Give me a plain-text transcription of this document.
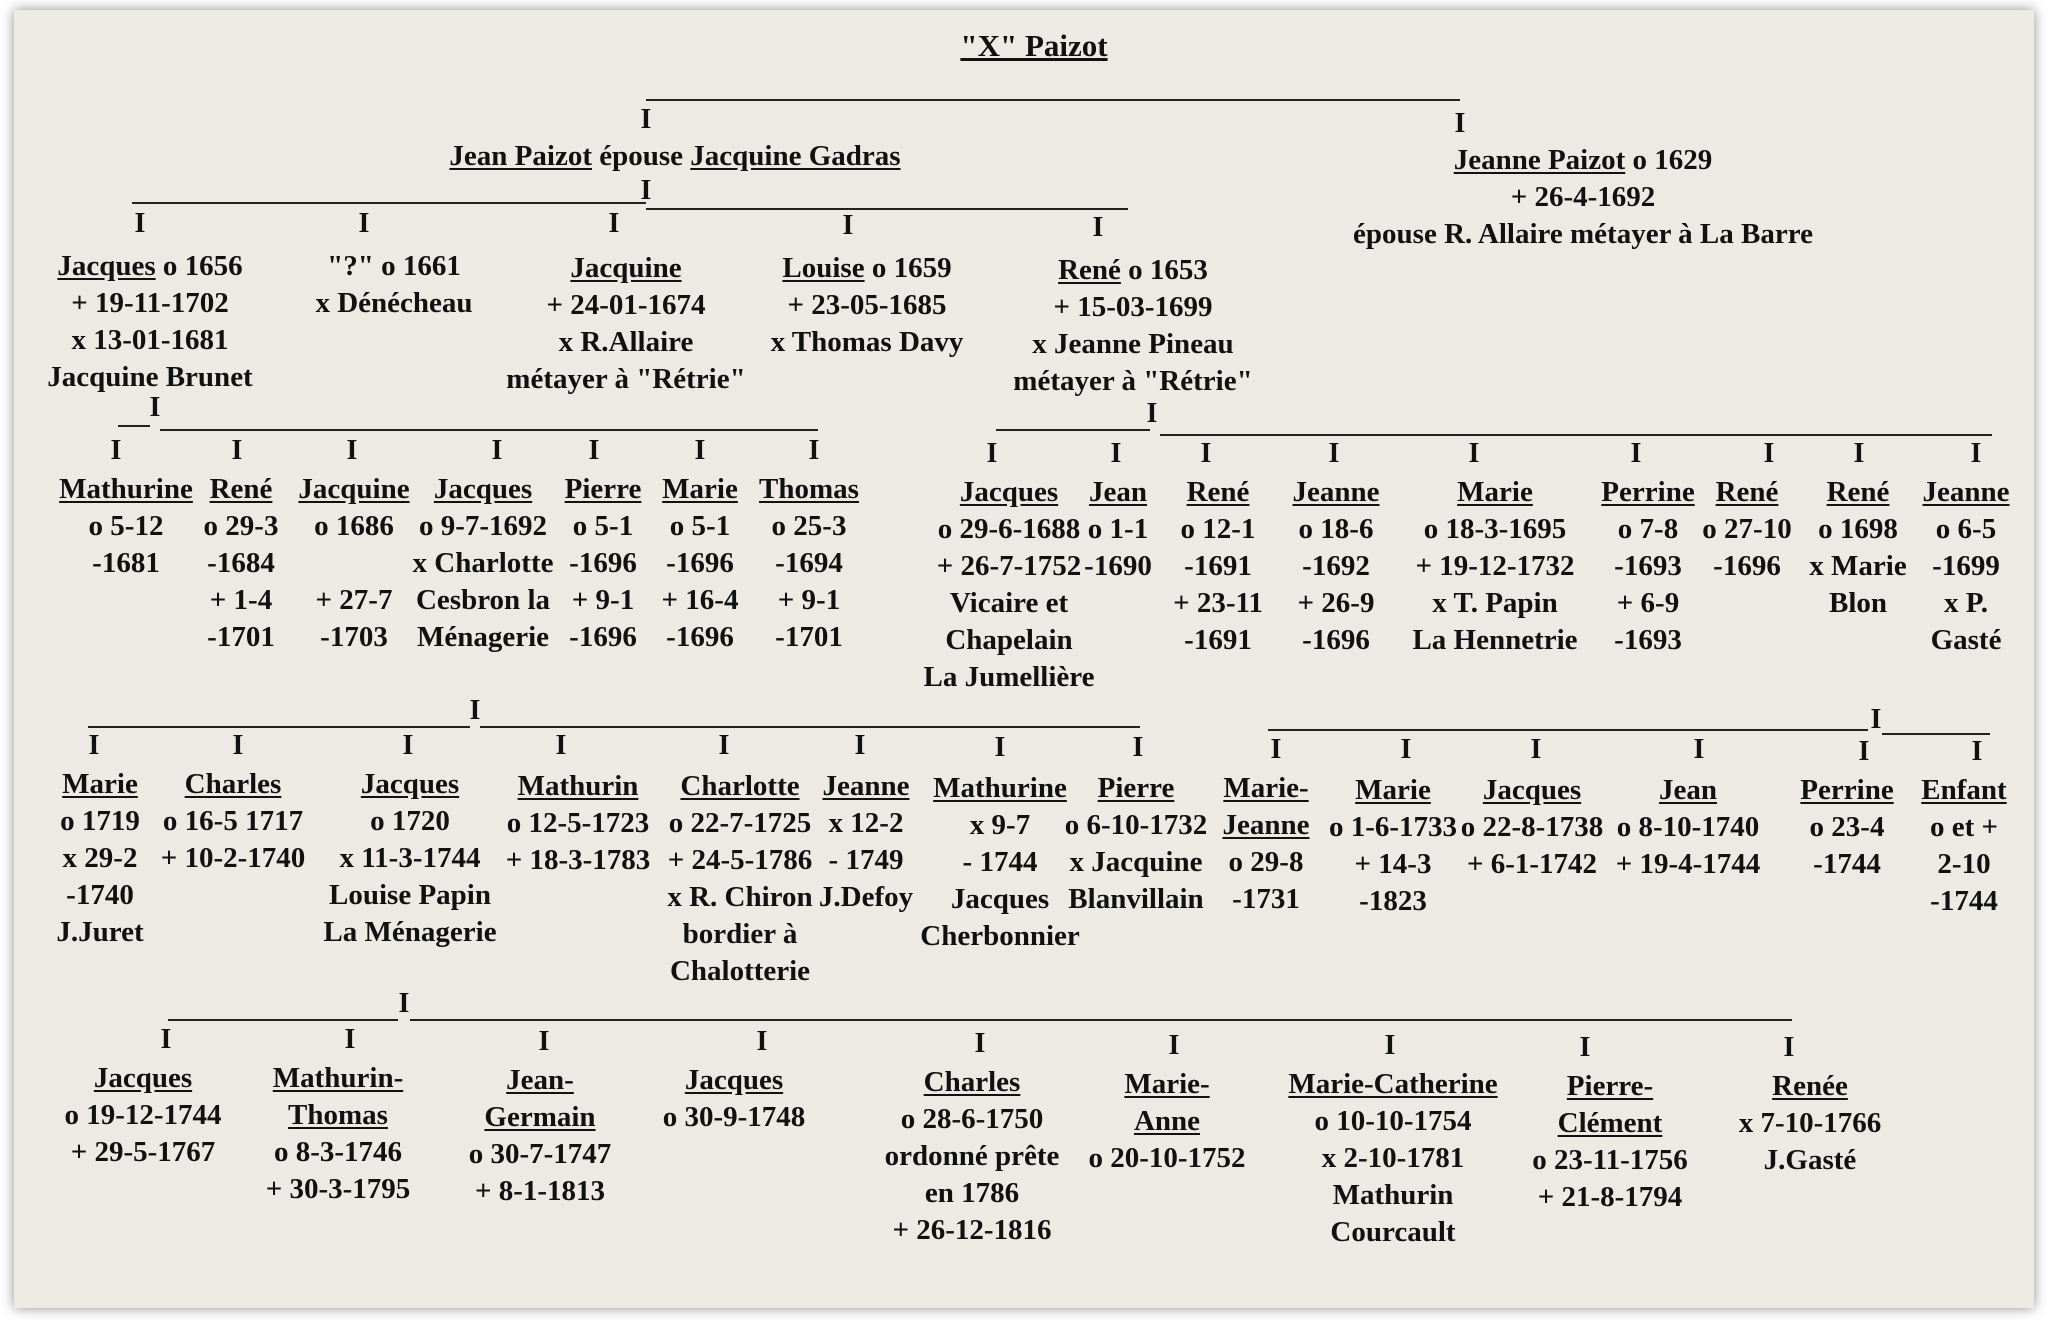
"X" Paizot
Jean Paizot épouse Jacquine Gadras	Jeanne Paizot o 1629
+ 26-4-1692
épouse R. Allaire métayer à La Barre
Jacques o 1656
+ 19-11-1702
x 13-01-1681
Jacquine Brunet
"?" o 1661
x Dénécheau
Jacquine
+ 24-01-1674
x R.Allaire
métayer à "Rétrie"
Louise o 1659
+ 23-05-1685
x Thomas Davy
René o 1653
+ 15-03-1699
x Jeanne Pineau
métayer à "Rétrie"
Mathurine
o 5-12
-1681
René
o 29-3
-1684
+ 1-4
-1701
Jacquine
o 1686

+ 27-7
-1703
Jacques
o 9-7-1692
x Charlotte
Cesbron la
Ménagerie
Pierre
o 5-1
-1696
+ 9-1
-1696
Marie
o 5-1
-1696
+ 16-4
-1696
Thomas
o 25-3
-1694
+ 9-1
-1701
Jacques
o 29-6-1688
+ 26-7-1752
Vicaire et
Chapelain
La Jumellière
Jean
o 1-1
-1690
René
o 12-1
-1691
+ 23-11
-1691
Jeanne
o 18-6
-1692
+ 26-9
-1696
Marie
o 18-3-1695
+ 19-12-1732
x T. Papin
La Hennetrie
Perrine
o 7-8
-1693
+ 6-9
-1693
René
o 27-10
-1696
René
o 1698
x Marie
Blon
Jeanne
o 6-5
-1699
x P.
Gasté
Marie
o 1719
x 29-2
-1740
J.Juret
Charles
o 16-5 1717
+ 10-2-1740
Jacques
o 1720
x 11-3-1744
Louise Papin
La Ménagerie
Mathurin
o 12-5-1723
+ 18-3-1783
Charlotte
o 22-7-1725
+ 24-5-1786
x R. Chiron
bordier à
Chalotterie
Jeanne
x 12-2
- 1749
J.Defoy
Mathurine
x 9-7
- 1744
Jacques
Cherbonnier
Pierre
o 6-10-1732
x Jacquine
Blanvillain
Marie-
Jeanne
o 29-8
-1731
Marie
o 1-6-1733
+ 14-3
-1823
Jacques
o 22-8-1738
+ 6-1-1742
Jean
o 8-10-1740
+ 19-4-1744
Perrine
o 23-4
-1744
Enfant
o et +
2-10
-1744
Jacques
o 19-12-1744
+ 29-5-1767
Mathurin-
Thomas
o 8-3-1746
+ 30-3-1795
Jean-
Germain
o 30-7-1747
+ 8-1-1813
Jacques
o 30-9-1748
Charles
o 28-6-1750
ordonné prête
en 1786
+ 26-12-1816
Marie-
Anne
o 20-10-1752
Marie-Catherine
o 10-10-1754
x 2-10-1781
Mathurin
Courcault
Pierre-
Clément
o 23-11-1756
+ 21-8-1794
Renée
x 7-10-1766
J.Gasté
I	I
I
I	I	I	I	I
I
I	I	I	I	I	I	I
I
I	I	I	I	I	I	I	I	I
I	I
I	I	I	I	I	I	I	I	I	I	I	I	I	I
I
I	I	I	I	I	I	I	I	I
